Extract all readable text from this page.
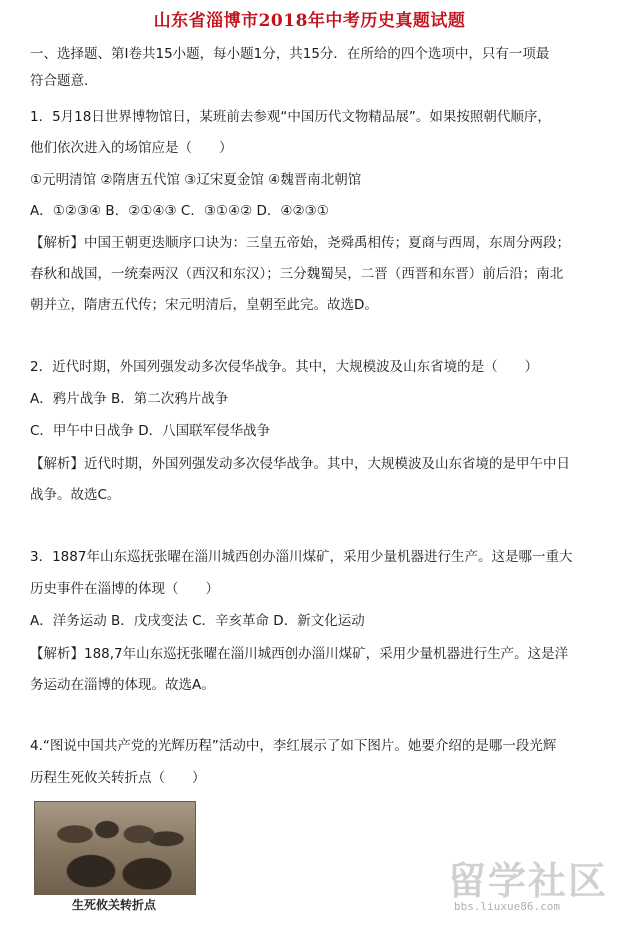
山东省淄博市2018年中考历史真题试题
一、选择题、第Ⅰ卷共15小题，每小题1分，共15分．在所给的四个选项中，只有一项最
符合题意．
1．5月18日世界博物馆日，某班前去参观“中国历代文物精品展”。如果按照朝代顺序，
他们依次进入的场馆应是（　　）
①元明清馆 ②隋唐五代馆 ③辽宋夏金馆 ④魏晋南北朝馆
A．①②③④ B．②①④③ C．③①④② D．④②③①
【解析】中国王朝更迭顺序口诀为：三皇五帝始，尧舜禹相传；夏商与西周，东周分两段；
春秋和战国，一统秦两汉（西汉和东汉）；三分魏蜀吴，二晋（西晋和东晋）前后沿；南北
朝并立，隋唐五代传；宋元明清后，皇朝至此完。故选D。
2．近代时期，外国列强发动多次侵华战争。其中，大规模波及山东省境的是（　　）
A．鸦片战争 B．第二次鸦片战争
C．甲午中日战争 D．八国联军侵华战争
【解析】近代时期，外国列强发动多次侵华战争。其中，大规模波及山东省境的是甲午中日
战争。故选C。
3．1887年山东巡抚张曜在淄川城西创办淄川煤矿，采用少量机器进行生产。这是哪一重大
历史事件在淄博的体现（　　）
A．洋务运动 B．戊戌变法 C．辛亥革命 D．新文化运动
【解析】188,7年山东巡抚张曜在淄川城西创办淄川煤矿，采用少量机器进行生产。这是洋
务运动在淄博的体现。故选A。
4.“图说中国共产党的光辉历程”活动中，李红展示了如下图片。她要介绍的是哪一段光辉
历程生死攸关转折点（　　）
生死攸关转折点
留学社区
bbs.liuxue86.com
